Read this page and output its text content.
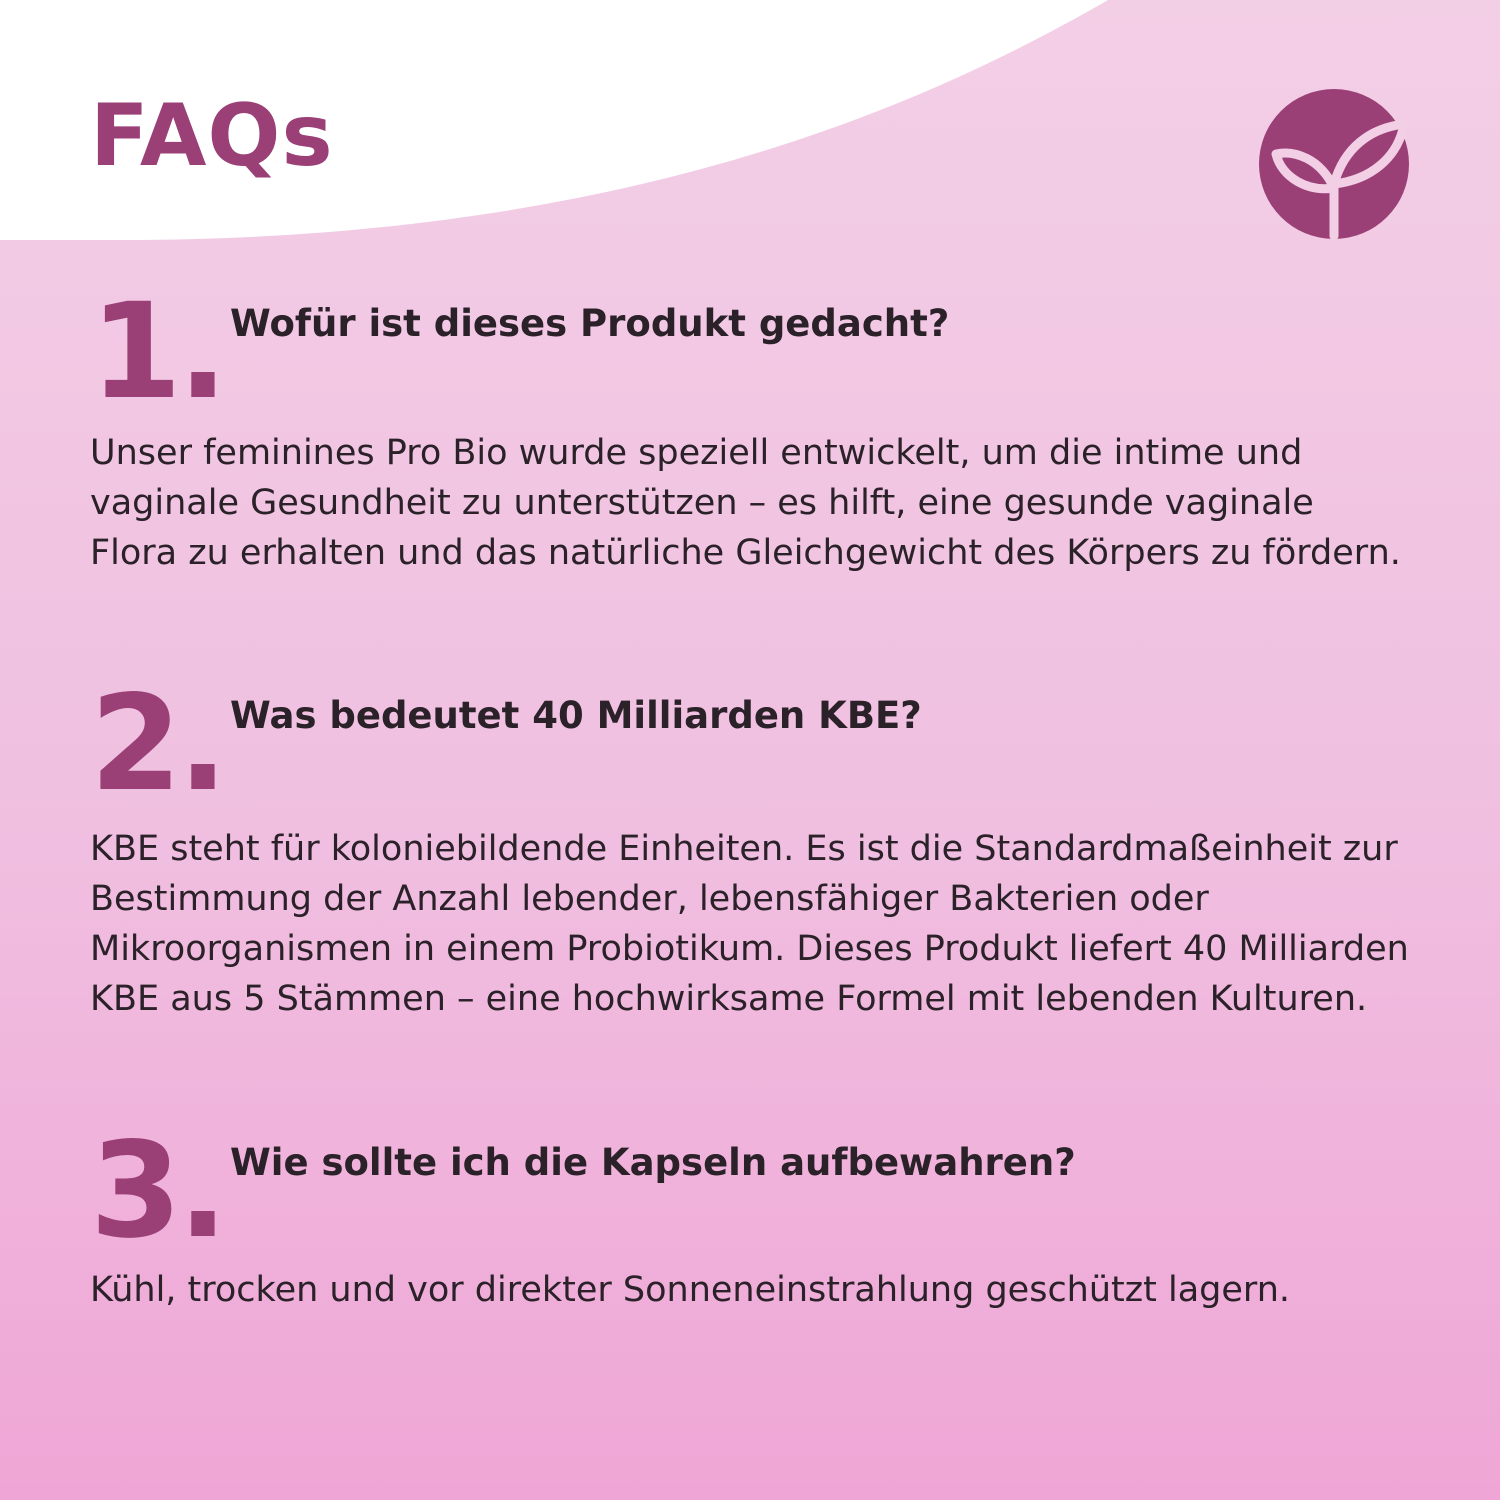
FAQs
1. Wofür ist dieses Produkt gedacht?

Unser feminines Pro Bio wurde speziell entwickelt, um die intime und vaginale Gesundheit zu unterstützen – es hilft, eine gesunde vaginale Flora zu erhalten und das natürliche Gleichgewicht des Körpers zu fördern.

2. Was bedeutet 40 Milliarden KBE?

KBE steht für koloniebildende Einheiten. Es ist die Standardmaßeinheit zur Bestimmung der Anzahl lebender, lebensfähiger Bakterien oder Mikroorganismen in einem Probiotikum. Dieses Produkt liefert 40 Milliarden KBE aus 5 Stämmen – eine hochwirksame Formel mit lebenden Kulturen.

3. Wie sollte ich die Kapseln aufbewahren?

Kühl, trocken und vor direkter Sonneneinstrahlung geschützt lagern.
